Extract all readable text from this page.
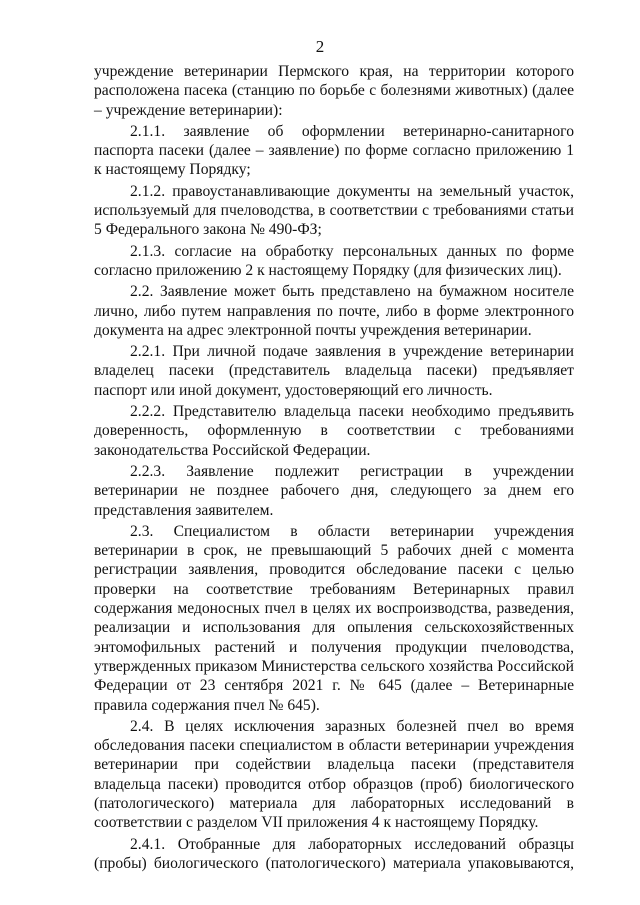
2

учреждение ветеринарии Пермского края, на территории которого расположена пасека (станцию по борьбе с болезнями животных) (далее – учреждение ветеринарии):

2.1.1. заявление об оформлении ветеринарно-санитарного паспорта пасеки (далее – заявление) по форме согласно приложению 1 к настоящему Порядку;

2.1.2. правоустанавливающие документы на земельный участок, используемый для пчеловодства, в соответствии с требованиями статьи 5 Федерального закона № 490-ФЗ;

2.1.3. согласие на обработку персональных данных по форме согласно приложению 2 к настоящему Порядку (для физических лиц).

2.2. Заявление может быть представлено на бумажном носителе лично, либо путем направления по почте, либо в форме электронного документа на адрес электронной почты учреждения ветеринарии.

2.2.1. При личной подаче заявления в учреждение ветеринарии владелец пасеки (представитель владельца пасеки) предъявляет паспорт или иной документ, удостоверяющий его личность.

2.2.2. Представителю владельца пасеки необходимо предъявить доверенность, оформленную в соответствии с требованиями законодательства Российской Федерации.

2.2.3. Заявление подлежит регистрации в учреждении ветеринарии не позднее рабочего дня, следующего за днем его представления заявителем.

2.3. Специалистом в области ветеринарии учреждения ветеринарии в срок, не превышающий 5 рабочих дней с момента регистрации заявления, проводится обследование пасеки с целью проверки на соответствие требованиям Ветеринарных правил содержания медоносных пчел в целях их воспроизводства, разведения, реализации и использования для опыления сельскохозяйственных энтомофильных растений и получения продукции пчеловодства, утвержденных приказом Министерства сельского хозяйства Российской Федерации от 23 сентября 2021 г. № 645 (далее – Ветеринарные правила содержания пчел № 645).

2.4. В целях исключения заразных болезней пчел во время обследования пасеки специалистом в области ветеринарии учреждения ветеринарии при содействии владельца пасеки (представителя владельца пасеки) проводится отбор образцов (проб) биологического (патологического) материала для лабораторных исследований в соответствии с разделом VII приложения 4 к настоящему Порядку.

2.4.1. Отобранные для лабораторных исследований образцы (пробы) биологического (патологического) материала упаковываются,
